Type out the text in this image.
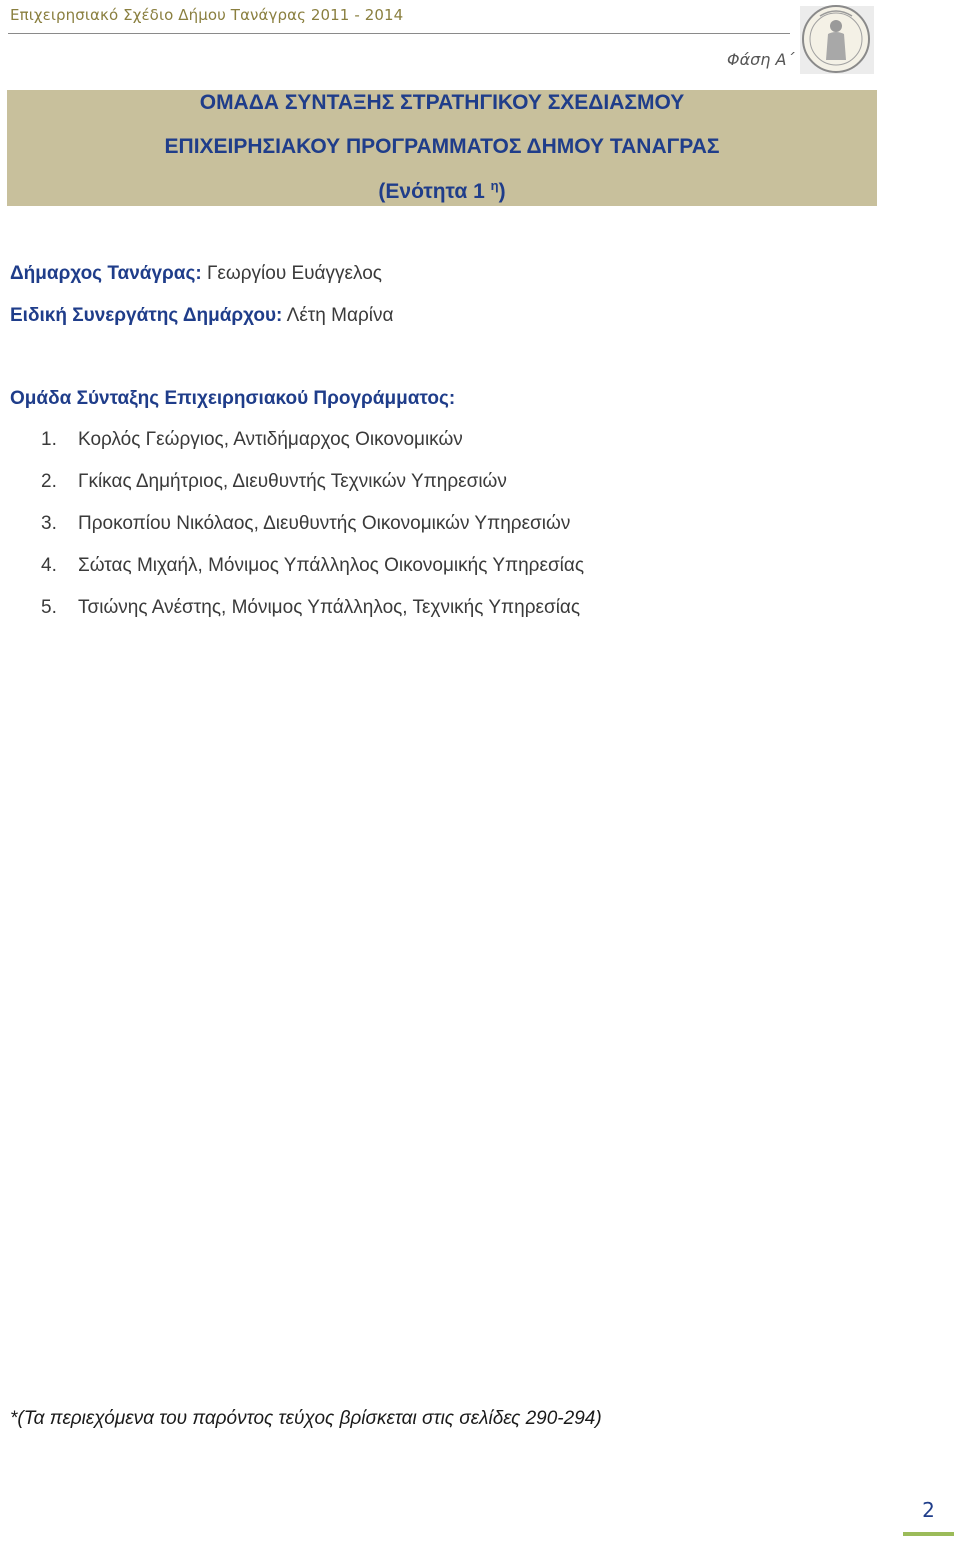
Επιχειρησιακό Σχέδιο Δήμου Τανάγρας 2011 - 2014
Φάση Α΄
ΟΜΑΔΑ ΣΥΝΤΑΞΗΣ ΣΤΡΑΤΗΓΙΚΟΥ ΣΧΕΔΙΑΣΜΟΥ
ΕΠΙΧΕΙΡΗΣΙΑΚΟΥ ΠΡΟΓΡΑΜΜΑΤΟΣ ΔΗΜΟΥ ΤΑΝΑΓΡΑΣ
(Ενότητα 1 $^\eta$)
Δήμαρχος Τανάγρας: Γεωργίου Ευάγγελος
Ειδική Συνεργάτης Δημάρχου: Λέτη Μαρίνα
Ομάδα Σύνταξης Επιχειρησιακού Προγράμματος:
1.	Κορλός Γεώργιος, Αντιδήμαρχος Οικονομικών
2.	Γκίκας Δημήτριος, Διευθυντής Τεχνικών Υπηρεσιών
3.	Προκοπίου Νικόλαος, Διευθυντής Οικονομικών Υπηρεσιών
4.	Σώτας Μιχαήλ, Μόνιμος Υπάλληλος Οικονομικής Υπηρεσίας
5.	Τσιώνης Ανέστης, Μόνιμος Υπάλληλος, Τεχνικής Υπηρεσίας
*(Τα περιεχόμενα του παρόντος τεύχος βρίσκεται στις σελίδες 290-294)
2
